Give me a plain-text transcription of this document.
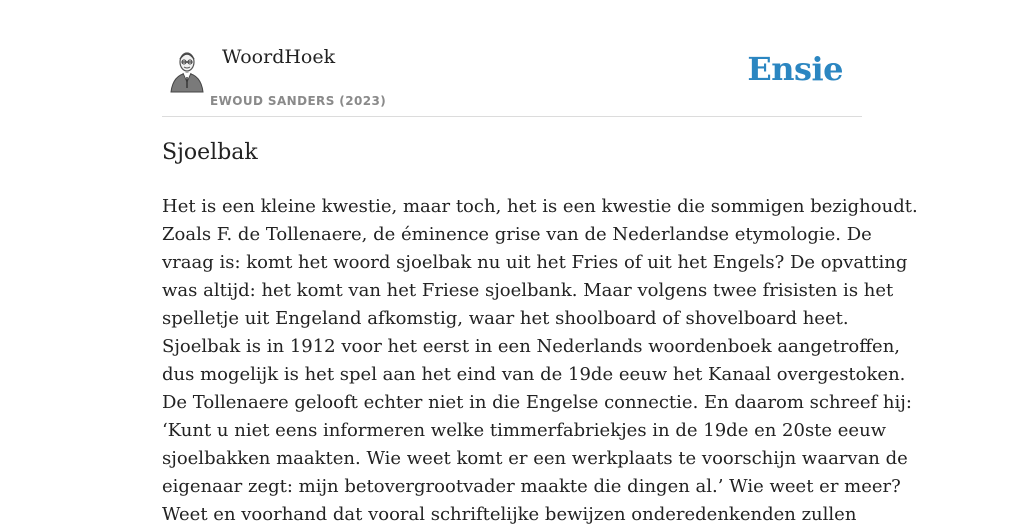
WoordHoek
EWOUD SANDERS (2023)
Ensie
Sjoelbak
Het is een kleine kwestie, maar toch, het is een kwestie die sommigen bezighoudt.
Zoals F. de Tollenaere, de éminence grise van de Nederlandse etymologie. De
vraag is: komt het woord sjoelbak nu uit het Fries of uit het Engels? De opvatting
was altijd: het komt van het Friese sjoelbank. Maar volgens twee frisisten is het
spelletje uit Engeland afkomstig, waar het shoolboard of shovelboard heet.
Sjoelbak is in 1912 voor het eerst in een Nederlands woordenboek aangetroffen,
dus mogelijk is het spel aan het eind van de 19de eeuw het Kanaal overgestoken.
De Tollenaere gelooft echter niet in die Engelse connectie. En daarom schreef hij:
‘Kunt u niet eens informeren welke timmerfabriekjes in de 19de en 20ste eeuw
sjoelbakken maakten. Wie weet komt er een werkplaats te voorschijn waarvan de
eigenaar zegt: mijn betovergrootvader maakte die dingen al.’ Wie weet er meer?
Weet en voorhand dat vooral schriftelijke bewijzen onderedenkenden zullen
